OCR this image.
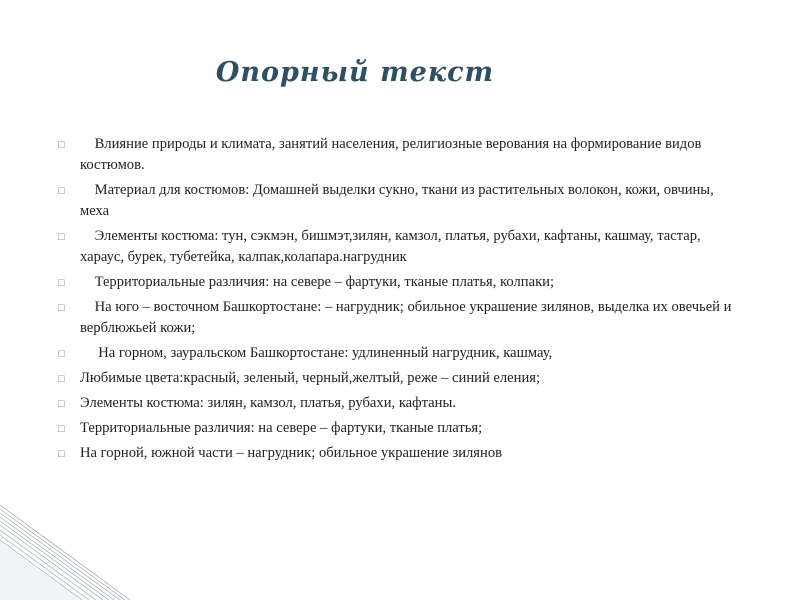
Опорный текст
□ Влияние природы и климата, занятий населения, религиозные верования на формирование видов костюмов.
□ Материал для костюмов: Домашней выделки сукно, ткани из растительных волокон, кожи, овчины, меха
□ Элементы костюма: тун, сэкмэн, бишмэт,зилян, камзол, платья, рубахи, кафтаны, кашмау, тастар, хараус, бурек, тубетейка, калпак,колапара.нагрудник
□ Территориальные различия: на севере – фартуки, тканые платья, колпаки;
□ На юго – восточном Башкортостане: – нагрудник; обильное украшение зилянов, выделка их овечьей и верблюжьей кожи;
□ На горном, зауральском Башкортостане: удлиненный нагрудник, кашмау,
□ Любимые цвета:красный, зеленый, черный,желтый, реже – синий еления;
□ Элементы костюма: зилян, камзол, платья, рубахи, кафтаны.
□ Территориальные различия: на севере – фартуки, тканые платья;
□ На горной, южной части – нагрудник; обильное украшение зилянов
